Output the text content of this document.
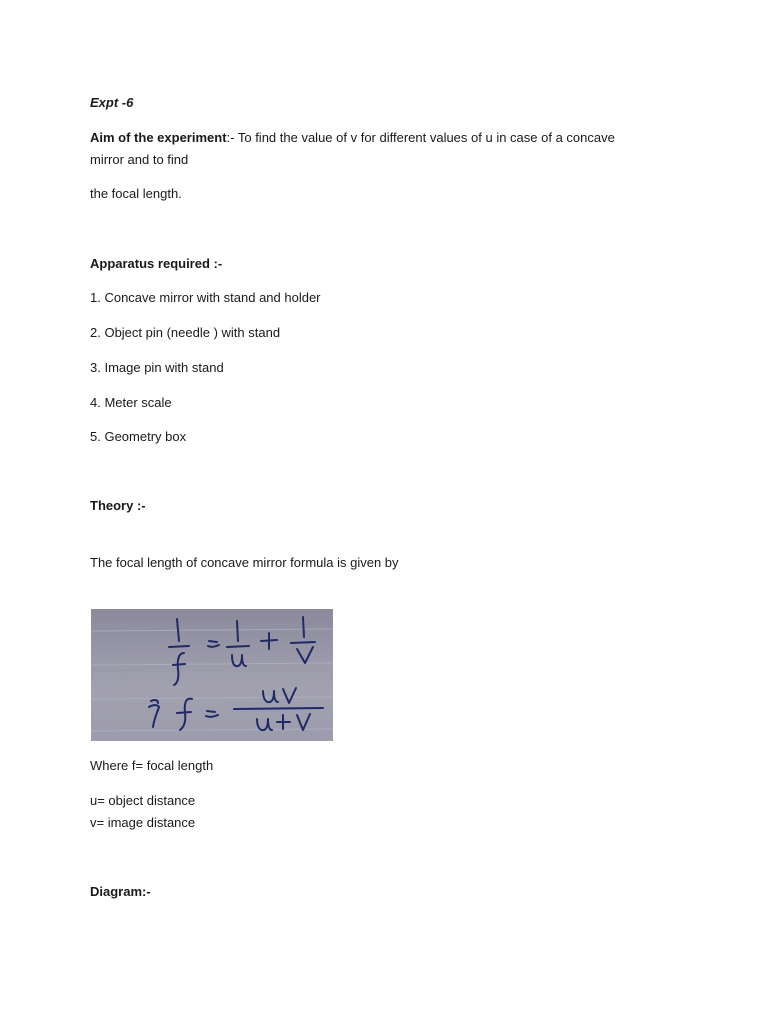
Expt -6
Aim of the experiment:- To find the value of v for different values of u in case of a concave
mirror and to find
the focal length.
Apparatus required :-
1. Concave mirror with stand and holder
2. Object pin (needle ) with stand
3. Image pin with stand
4. Meter scale
5. Geometry box
Theory :-
The focal length of concave mirror formula is given by
Where f= focal length
u= object distance
v= image distance
Diagram:-
